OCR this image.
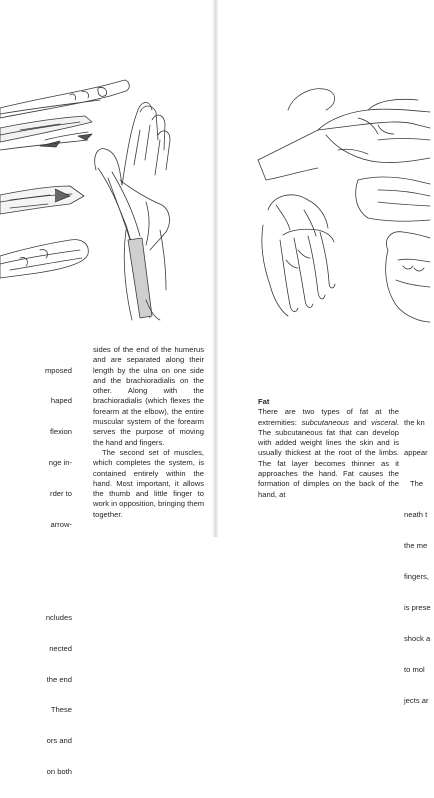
mposed

haped

flexion

nge in-

rder to

arrow-

ncludes

nected

the end

These

ors and

on both

sides of the end of the humerus and are separated along their length by the ulna on one side and the brachioradialis on the other. Along with the brachioradialis (which flexes the forearm at the elbow), the entire muscular system of the forearm serves the purpose of moving the hand and fingers.

The second set of muscles, which completes the system, is contained entirely within the hand. Most important, it allows the thumb and little finger to work in opposition, bringing them together.

Fat
There are two types of fat at the extremities: subcutaneous and visceral. The subcutaneous fat that can develop with added weight lines the skin and is usually thickest at the root of the limbs. The fat layer becomes thinner as it approaches the hand. Fat causes the formation of dimples on the back of the hand, at

the kn

appear

The

neath t

the me

fingers,

is prese

shock a

to mol

jects ar
